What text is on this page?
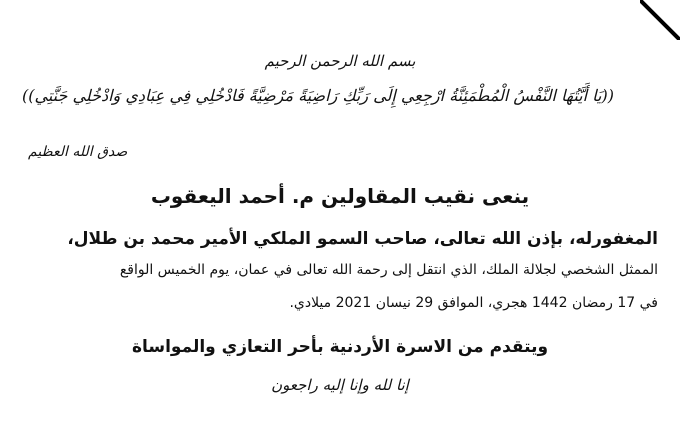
بسم الله الرحمن الرحيم
((يَا أَيَّتُهَا النَّفْسُ الْمُطْمَئِنَّةُ ارْجِعِي إِلَى رَبِّكِ رَاضِيَةً مَرْضِيَّةً فَادْخُلِي فِي عِبَادِي وَادْخُلِي جَنَّتِي))
صدق الله العظيم
ينعى نقيب المقاولين م. أحمد اليعقوب
المغفورله، بإذن الله تعالى، صاحب السمو الملكي الأمير محمد بن طلال،
الممثل الشخصي لجلالة الملك، الذي انتقل إلى رحمة الله تعالى في عمان، يوم الخميس الواقع
في 17 رمضان 1442 هجري، الموافق 29 نيسان 2021 ميلادي.
ويتقدم من الاسرة الأردنية بأحر التعازي والمواساة
إنا لله وإنا إليه راجعون
